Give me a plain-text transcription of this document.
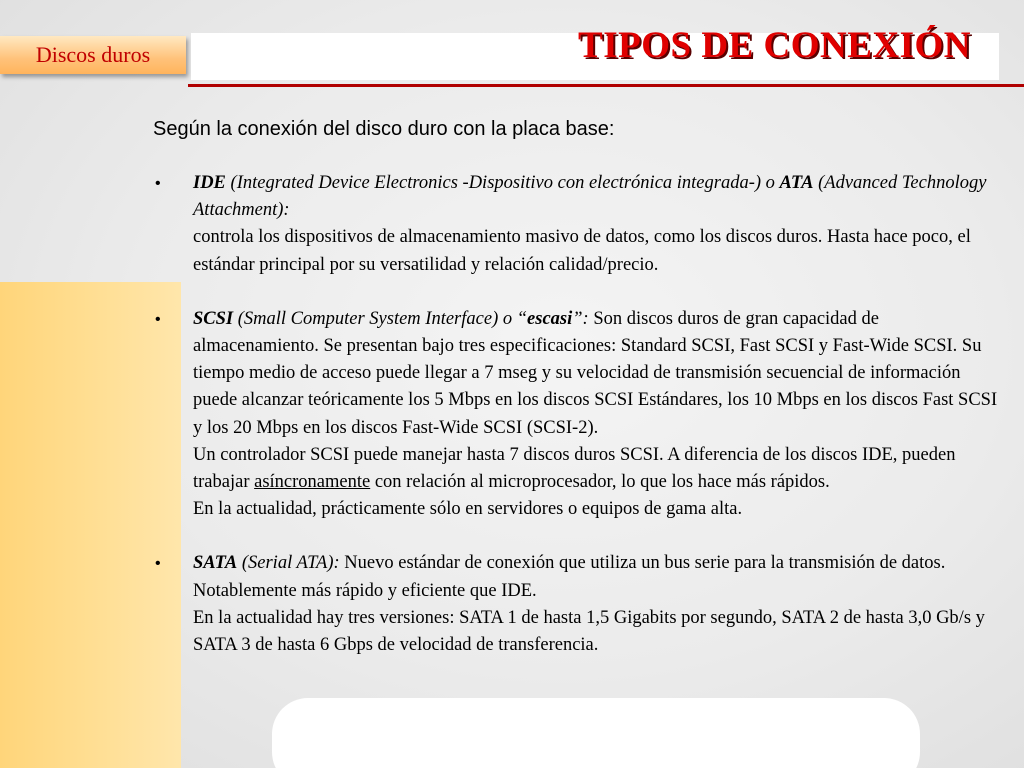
Discos duros	TIPOS DE CONEXIÓN

Según la conexión del disco duro con la placa base:

• IDE (Integrated Device Electronics -Dispositivo con electrónica integrada-) o ATA (Advanced Technology Attachment):
controla los dispositivos de almacenamiento masivo de datos, como los discos duros. Hasta hace poco, el estándar principal por su versatilidad y relación calidad/precio.
• SCSI (Small Computer System Interface) o “escasi”: Son discos duros de gran capacidad de almacenamiento. Se presentan bajo tres especificaciones: Standard SCSI, Fast SCSI y Fast-Wide SCSI. Su tiempo medio de acceso puede llegar a 7 mseg y su velocidad de transmisión secuencial de información puede alcanzar teóricamente los 5 Mbps en los discos SCSI Estándares, los 10 Mbps en los discos Fast SCSI y los 20 Mbps en los discos Fast-Wide SCSI (SCSI-2).
Un controlador SCSI puede manejar hasta 7 discos duros SCSI. A diferencia de los discos IDE, pueden trabajar asíncronamente con relación al microprocesador, lo que los hace más rápidos.
En la actualidad, prácticamente sólo en servidores o equipos de gama alta.
• SATA (Serial ATA): Nuevo estándar de conexión que utiliza un bus serie para la transmisión de datos. Notablemente más rápido y eficiente que IDE.
En la actualidad hay tres versiones: SATA 1 de hasta 1,5 Gigabits por segundo, SATA 2 de hasta 3,0 Gb/s y SATA 3 de hasta 6 Gbps de velocidad de transferencia.
